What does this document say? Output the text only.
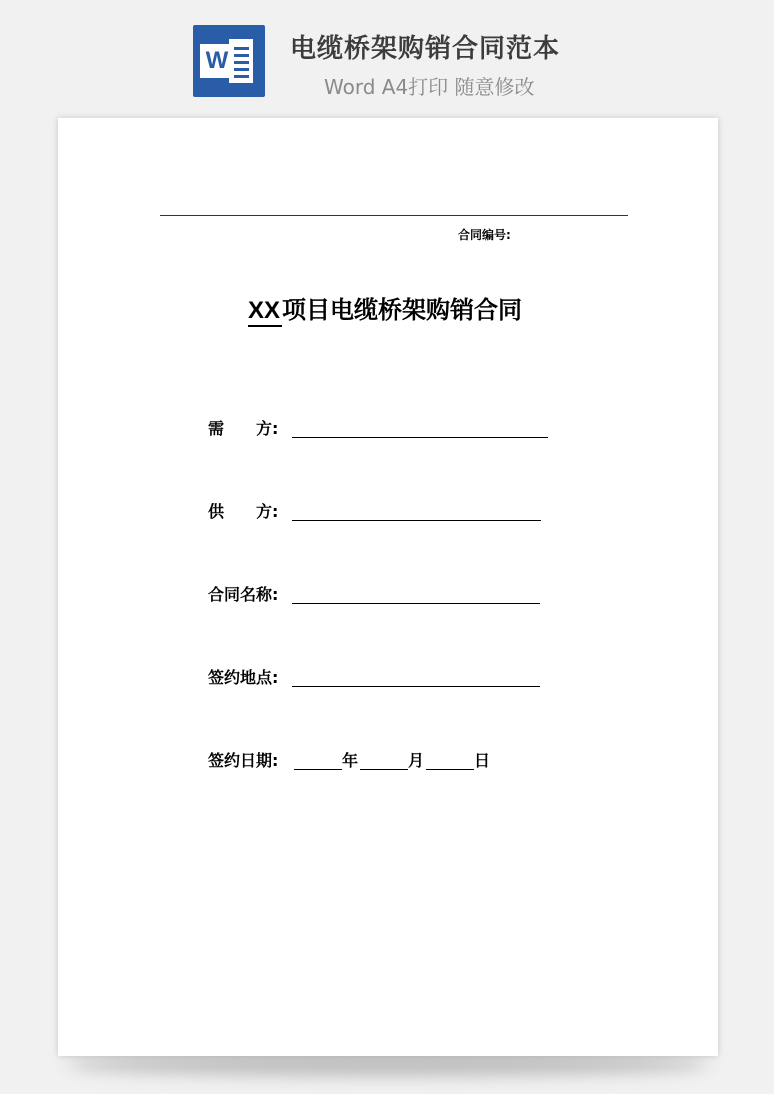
W 电缆桥架购销合同范本
Word A4打印 随意修改
合同编号:
XX项目电缆桥架购销合同
需　　方:
供　　方:
合同名称:
签约地点:
签约日期:	年	月	日
